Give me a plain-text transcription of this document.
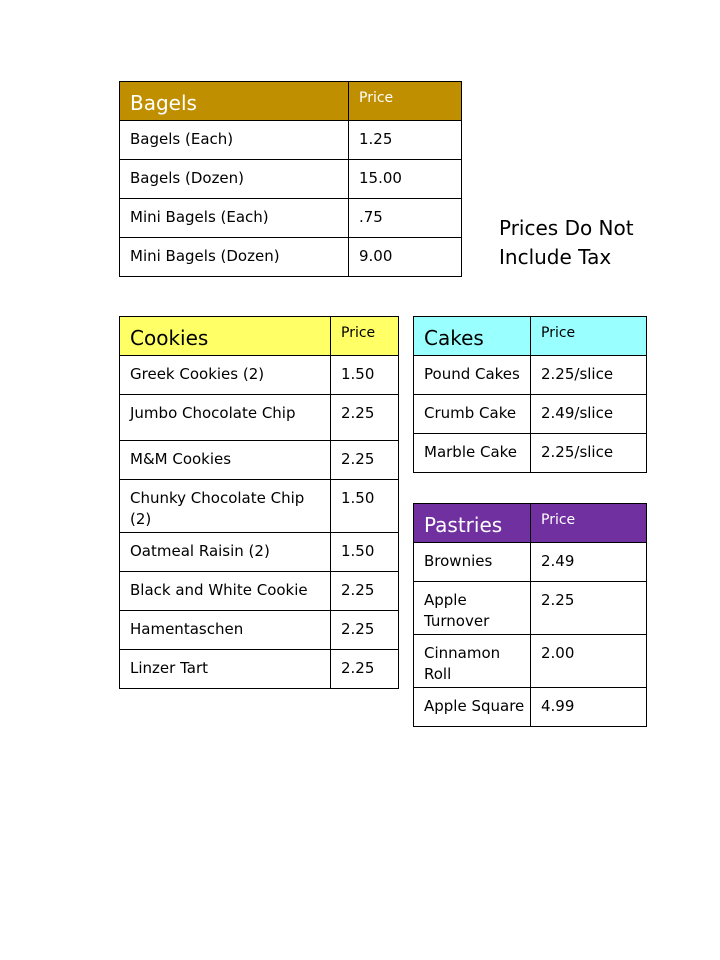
Bagels	Price
Bagels (Each)	1.25
Bagels (Dozen)	15.00
Mini Bagels (Each)	.75
Mini Bagels (Dozen)	9.00
Prices Do Not
Include Tax
Cookies	Price
Greek Cookies (2)	1.50
Jumbo Chocolate Chip	2.25
M&M Cookies	2.25
Chunky Chocolate Chip (2)	1.50
Oatmeal Raisin (2)	1.50
Black and White Cookie	2.25
Hamentaschen	2.25
Linzer Tart	2.25
Cakes	Price
Pound Cakes	2.25/slice
Crumb Cake	2.49/slice
Marble Cake	2.25/slice
Pastries	Price
Brownies	2.49
Apple Turnover	2.25
Cinnamon Roll	2.00
Apple Square	4.99
